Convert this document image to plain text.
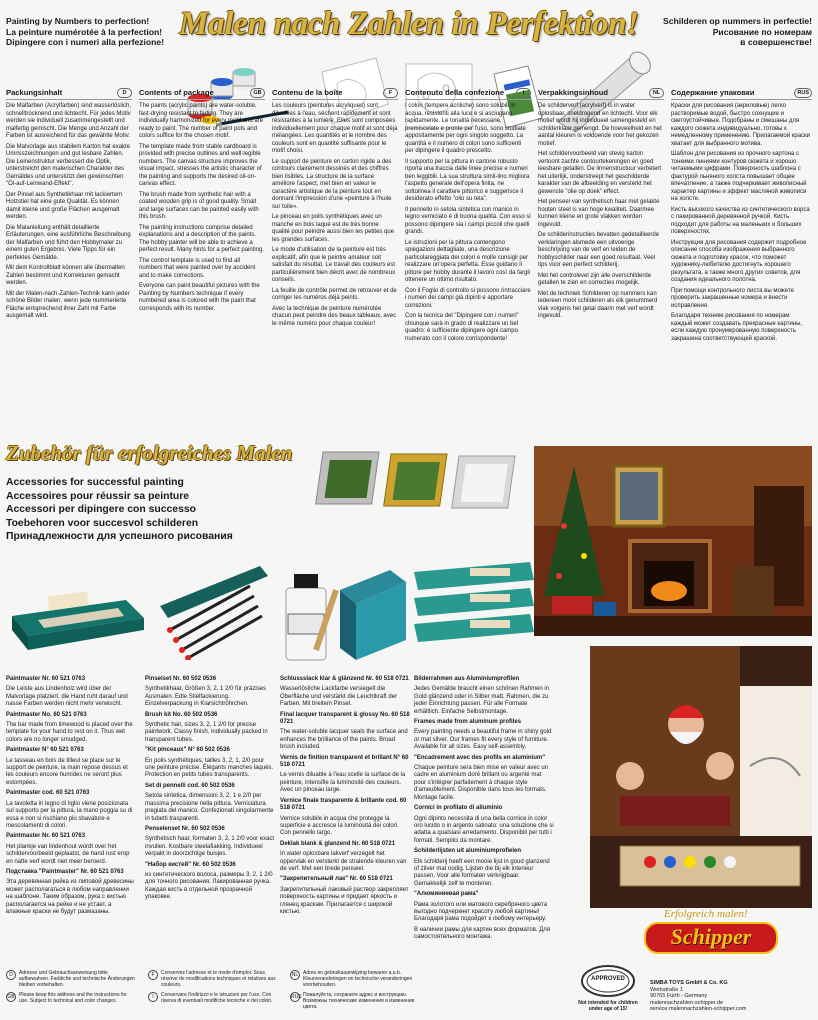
Painting by Numbers to perfection!
La peinture numérotée à la perfection!
Dipingere con i numeri alla perfezione! Malen nach Zahlen in Perfektion!	Schilderen op nummers in perfectie!
Рисование по номерам
в совершенстве!
Packungsinhalt	D

Die Malfarben (Acrylfarben) sind wasserlöslich, schnelltrocknend und lichtecht. Für jedes Motiv werden sie individuell zusammengestellt und malfertig gemischt. Die Menge und Anzahl der Farben ist ausreichend für das gewählte Motiv.

Die Malvorlage aus stabilem Karton hat exakte Umrisszeichnungen und gut lesbare Zahlen. Die Leinenstruktur verbessert die Optik, unterstreicht den malerischen Charakter des Gemäldes und unterstützt den gewünschten "Öl-auf-Leinwand-Effekt".

Der Pinsel aus Synthetikhaar mit lackiertem Holzstiel hat eine gute Qualität. Es können damit kleine und große Flächen ausgemalt werden.

Die Malanleitung enthält detaillierte Erläuterungen, eine ausführliche Beschreibung der Malfarben und führt den Hobbymaler zu einem guten Ergebnis. Viele Tipps für ein perfektes Gemälde.

Mit dem Kontrollblatt können alle übermalten Zahlen bestimmt und Korrekturen gemacht werden.

Mit der Malen-nach-Zahlen-Technik kann jeder schöne Bilder malen, wenn jede nummerierte Fläche entsprechend ihrer Zahl mit Farbe ausgemalt wird.

Contents of package	GB

The paints (acrylic paints) are water-soluble, fast-drying resistant to fading. They are individually harmonized for every motif and are ready to paint. The number of paint pots and colors suffice for the chosen motif.

The template made from stable cardboard is provided with precise outlines and well-legible numbers. The canvas structure improves the visual impact, stresses the artistic character of the painting and supports the desired oil-on-canvas effect.

The brush made from synthetic hair with a coated wooden grip is of good quality. Small and large surfaces can be painted easily with this brush.

The painting instructions comprise detailed explanations and a description of the paints. The hobby painter will be able to achieve a perfect result. Many hints for a perfect painting.

The control template is used to find all numbers that were painted over by accident and to make corrections.

Everyone can paint beautiful pictures with the Painting by Numbers technique if every numbered area is colored with the paint that corresponds with its number.

Contenu de la boîte	F

Les couleurs (peintures acryliques) sont diluables à l'eau, séchent rapidement et sont résistantes à la lumière. Elles sont composées individuellement pour chaque motif et sont déjà mélangées. Les quantités et le nombre des couleurs sont en quantité suffisante pour le motif choisi.

Le support de peinture en carton rigide a des contours clairement dessinés et des chiffres bien lisibles. La structure de la surface améliore l'aspect, met bien en valeur le caractère artistique de la peinture tout en donnant l'impression d'une «peinture à l'huile sur toile».

Le pinceau en poils synthétiques avec un manche en bois laqué est de très bonne qualité pour peindre aussi bien les petites que les grandes surfaces.

Le mode d'utilisation de la peinture est très explicatif, afin que le peintre amateur soit satisfait du résultat. Le travail des couleurs est particulièrement bien décrit avec de nombreux conseils.

La feuille de contrôle permet de retrouver et de corriger les numéros déjà peints.

Avec la technique de peinture numérotée chacun peut peindre des beaux tableaux, avec le même numéro pour chaque couleur!

Contenuto della confezione	I

I colori (tempere acriliche) sono solubili in acqua, resistenti alla luce e si asciugano rapidamente. Le tonalità necessarie, premiscelate e pronte per l'uso, sono studiate appositamente per ogni singolo soggetto. La quantità e il numero di colori sono sufficienti per dipingere il quadro prescelto.

Il supporto per la pittura in cartone robusto riporta una traccia dalle linee precise e numeri ben leggibili. La sua struttura simil-lino migliora l'aspetto generale dell'opera finita, ne sottolinea il carattere pittorico e suggerisce il desiderato effetto "olio su tela".

Il pennello in setola sintetica con manico in legno verniciato è di buona qualità. Con esso si possono dipingere sia i campi piccoli che quelli grandi.

Le istruzioni per la pittura contengono spiegazioni dettagliate, una descrizione particolareggiata dei colori e molle consigli per realizzare un'opera perfetta. Esse guidano il pittore per hobby durante il lavoro così da fargli ottenere un ottimo risultato.

Con il Foglio di controllo si possono rintracciare i numeri dei campi già dipinti e apportare correzioni.

Con la tecnica del "Dipingere con i numeri" chiunque sarà in grado di realizzare un bel quadro: è sufficiente dipingere ogni campo numerato con il colore corrispondente!

Verpakkingsinhoud	NL

De schilderverf (acrylverf) is in water oplosbaar, sneldrogend en lichtecht. Voor elk motief wordt hij individueel samengesteld en schilderklaar gemengd. De hoeveelheid en het aantal kleuren is voldoende voor het gekozen motief.

Het schildervoorbeeld van stevig karton vertoont zachte contourtekeningen en goed leesbare getallen. De linnenstructuur verbetert het uiterlijk, onderstreept het geschilderde karakter van de afbeelding en versterkt het gewenste "olie op doek" effect.

Het penseel van synthetisch haar met gelakte houten steel is van hoge kwaliteit. Daarmee kunnen kleine en grote vlakken worden ingevuld.

De schilderinstructies bevatten gedetailleerde verklaringen alsmede een uitvoerige beschrijving van de verf en leiden de hobbyschilder naar een goed resultaat. Veel tips voor een perfect schilderij.

Met het controlevel zijn alle overschilderde getallen te zien en correcties mogelijk.

Met de techniek Schilderen op nummers kan iedereen mooi schilderen als elk genummerd vlak volgens het getal daarin met verf wordt ingevuld.

Содержание упаковки	RUS

Краски для рисования (акриловые) легко растворимые водой, быстро сохнущие и светоустойчивые. Подобраны и смешаны для каждого сюжета индивидуально, готовы к немедленному применению. Прилагаемой краски хватает для выбранного мотива.

Шаблон для рисования из прочного картона с тонкими линиями контуров сюжета и хорошо читаемыми цифрами. Поверхность шаблона с фактурой льняного холста повышает общее впечатление, а также подчеркивает живописный характер картины и эффект масляной живописи на холсте.

Кисть высокого качества из синтетического ворса с лакированной деревянной ручкой. Кисть подходит для работы на маленьких и больших поверхностях.

Инструкция для рисования содержит подробное описание способа изображения выбранного сюжета и подготовку красок, что поможет художнику-любителю достигнуть хорошего результата, а также много других советов, для создания идеального полотна.

При помощи контрольного листа вы можете проверить закрашенные номера и внести исправления.

Благодаря технике рисования по номерам каждый может создавать прекрасные картины, если каждую пронумерованную поверхность закрашена соответствующей краской.

Zubehör für erfolgreiches Malen
Accessories for successful painting
Accessoires pour réussir sa peinture
Accessori per dipingere con successo
Toebehoren voor succesvol schilderen
Принадлежности для успешного рисования

Paintmaster Nr. 60 521 0763

Die Leiste aus Lindenholz wird über der Malvorlage platziert, die Hand ruht darauf und nasse Farben werden nicht mehr verwischt.

Paintmaster No. 60 521 0763

The bar made from limewood is placed over the template for your hand to rest on it. Thus wet colors are no longer smudged.

Paintmaster N° 60 521 0763

Le tasseau en bois de tilleul se place sur le support de peinture, la main repose dessus et les couleurs encore humides ne seront plus estompées.

Paintmaster cod. 60 521 0763

La tavoletta in legno di tiglio viene posizionata sul supporto per la pittura, la mano poggia su di essa e non si rischiano più sbavature e mescolamenti di colori.

Paintmaster Nr. 60 521 0763

Het plankje van lindenhout wordt over het schildervoorbeeld geplaatst, de hand rust erop en natte verf wordt niet meer beroerd.

Подставка "Paintmaster" Nr. 60 521 0763

Эта деревянная рейка из липовой древесины может располагаться в любом направлении на шаблоне. Таким образом, рука с кистью располагается на рейке и не устает, а влажные краски не будут размазаны.

Pinselset Nr. 60 502 0536

Synthetikhaar, Größen 3, 2, 1 2/0 für präzises Ausmalen. Edle Stielfackierung. Einzelverpackung in Klarsichtröhrchen.

Brush kit No. 60 502 0536

Synthetic hair, sizes 3, 2, 1 2/0 for precise paintwork. Classy finish, individually packed in transparent tubes.

"Kit pinceaux" N° 60 502 0536

En poils synthétiques, tailles 3, 2, 1, 2/0 pour une peinture précise. Élégants manches laqués. Protection en petits tubes transparents.

Set di pennelli cod. 60 502 0536

Setola sintetica, dimensioni 3, 2, 1 e 2/0 per massima precisione nella pittura. Verniciatura pregiata del manico. Confezionati singolarmente in tubetti trasparenti.

Penselenset Nr. 60 502 0536

Synthetisch haar, formaten 3, 2, 1 2/0 voor exact invullen. Kostbare steelafiakking. Individueel verpakt in doorzichtige buisjes.

"Набор кистей" Nr. 60 502 0536

из синтетического волоса, размеры 3, 2, 1 2/0 для точного рисования. Лакированная ручка. Каждая кисть в отдельной прозрачной упаковке.

Schlussslack klar & glänzend Nr. 60 518 0721

Wasserlösliche Lackfarbe versiegelt die Oberfläche und verstärkt die Leuchtkraft der Farben. Mit breitem Pinsel.

Final lacquer transparent & glossy No. 60 518 0721

The water-soluble lacquer seals the surface and enhances the brilliance of the paints. Broad brush included.

Vernis de finition transparent et brillant N° 60 518 0721

Le vernis diluable à l'eau scelle la surface de la peinture, intensifie la luminosité des couleurs. Avec un pinceau large.

Vernice finale trasparente & brillante cod. 60 518 0721

Vernice solubile in acqua che protegge la superficie e accresce la luminosità dei colori. Con pennello largo.

Deklak blank & glanzend Nr. 60 518 0721

In water oplosbare lakverf verzegelt het oppervlak en versterkt de stralende kleuren van de verf. Met een brede penseel.

"Закрепительный лак" Nr. 60 518 0721

Закрепительный лаковый раствор закрепляет поверхность картины и придает яркость и глянец краскам. Прилагается с широкой кистью.

Bilderrahmen aus Aluminiumprofilen

Jedes Gemälde braucht einen schönen Rahmen in Gold glänzend oder in Silber matt. Rahmen, die zu jeder Einrichtung passen. Für alle Formate erhältlich. Einfache Selbstmontage.

Frames made from aluminum profiles

Every painting needs a beautiful frame in shiny gold or mat silver. Our frames fit every style of furniture. Available for all sizes. Easy self-assembly.

"Encadrement avec des profils en aluminium"

Chaque peinture sera bien mise en valeur avec un cadre en aluminium doré brillant ou argenté mat pour s'intégrer parfaitement à chaque style d'ameublement. Disponible dans tous les formats. Montage facile.

Cornici in profilato di alluminio

Ogni dipinto necessita di una bella cornice in color oro lucido o in argento satinato: una soluzione che si adatta a qualsiasi arredamento. Disponibili per tutti i formati. Semplici da montare.

Schilderlijsten uit aluminiumprofielen

Elk schilderij heeft een mooie lijst in goud glanzend of zilver mat nodig. Lijsten die bij elk interieur passen. Voor alle formaten verkrijgbaar. Gemakkelijk zelf te monteren.

"Алюминиевая рама"

Рама золотого или матового серебряного цвета выгодно подчеркнет красоту любой картины! Благодаря рама подойдет к любому интерьеру.

В наличии рамы для картин всех форматов. Для самостоятельного монтажа.

D	Adresse und Gebrauchsanweisung bitte aufbewahren. Farbliche und technische Änderungen bleiben vorbehalten.
GB Please keep this address and the instructions for use. Subject to technical and color changes.
F	Conservez l'adresse et le mode d'emploi. Sous réserve de modifications techniques et relatives aux couleurs.
I	Conservare l'indirizzo e le istruzioni per l'uso. Con riserva di eventuali modifiche tecniche e dei colori.
NL Adres en gebruiksaanwijzing bewaren a.u.b. Kleurveranderingen en technische veranderingen voorbehouden.
RUS Пожалуйста, сохраните адрес и инструкцию. Возможны технические изменения и изменения цвета.
Erfolgreich malen!
Schipper
APPROVED
Not intended for children under age of 15!
SIMBA TOYS GmbH & Co. KG
Werkstraße 1
90765 Fürth - Germany
malennachzahlen-schipper.de
service.malennachzahlen-schipper.com
